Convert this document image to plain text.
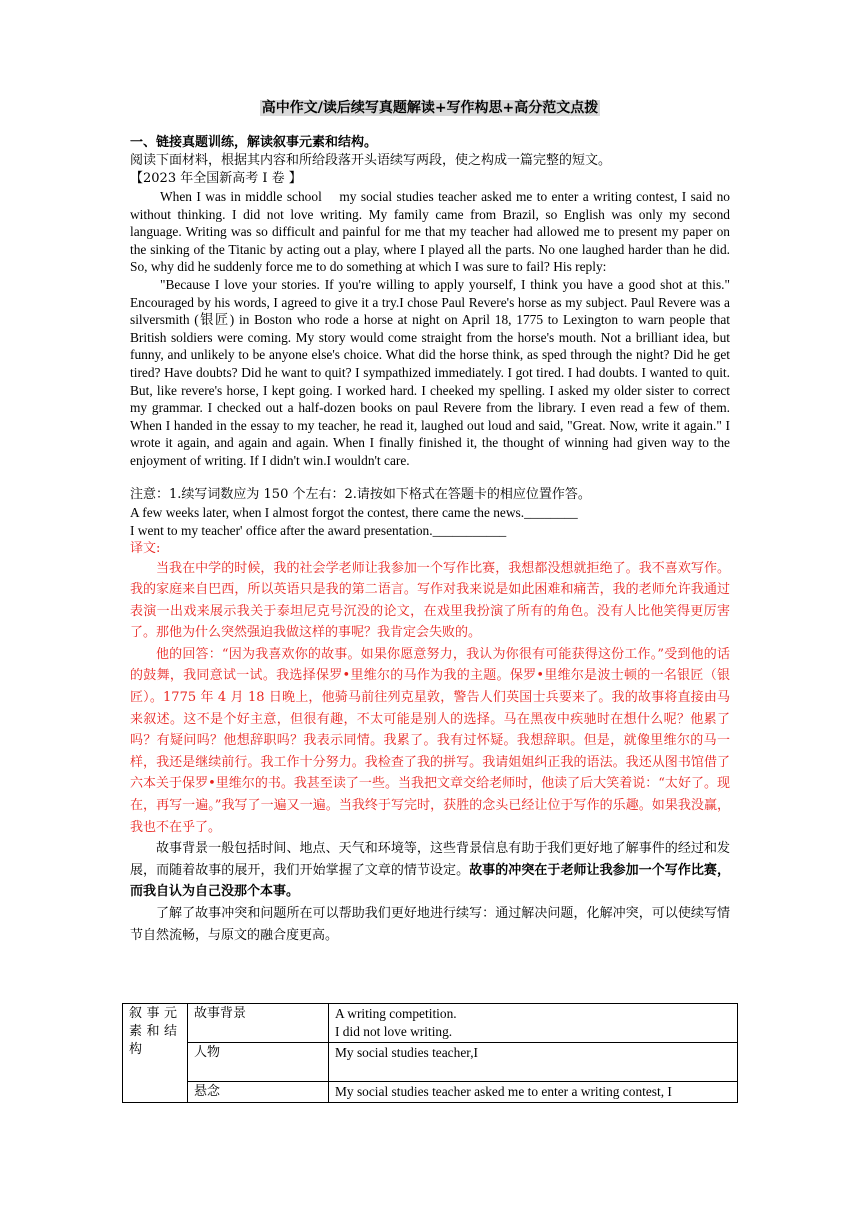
高中作文/读后续写真题解读+写作构思+高分范文点拨
一、链接真题训练，解读叙事元素和结构。
阅读下面材料，根据其内容和所给段落开头语续写两段，使之构成一篇完整的短文。
【2023 年全国新高考 I 卷 】
When I was in middle school    my social studies teacher asked me to enter a writing contest, I said no without thinking. I did not love writing. My family came from Brazil, so English was only my second language. Writing was so difficult and painful for me that my teacher had allowed me to present my paper on the sinking of the Titanic by acting out a play, where I played all the parts. No one laughed harder than he did. So, why did he suddenly force me to do something at which I was sure to fail? His reply:
"Because I love your stories. If you're willing to apply yourself, I think you have a good shot at this." Encouraged by his words, I agreed to give it a try.I chose Paul Revere's horse as my subject. Paul Revere was a silversmith (银匠) in Boston who rode a horse at night on April 18, 1775 to Lexington to warn people that British soldiers were coming. My story would come straight from the horse's mouth. Not a brilliant idea, but funny, and unlikely to be anyone else's choice. What did the horse think, as sped through the night? Did he get tired? Have doubts? Did he want to quit? I sympathized immediately. I got tired. I had doubts. I wanted to quit. But, like revere's horse, I kept going. I worked hard. I cheeked my spelling. I asked my older sister to correct my grammar. I checked out a half-dozen books on paul Revere from the library. I even read a few of them. When I handed in the essay to my teacher, he read it, laughed out loud and said, "Great. Now, write it again." I wrote it again, and again and again. When I finally finished it, the thought of winning had given way to the enjoyment of writing. If I didn't win.I wouldn't care.
注意：1.续写词数应为 150 个左右：2.请按如下格式在答题卡的相应位置作答。
A few weeks later, when I almost forgot the contest, there came the news.________
I went to my teacher' office after the award presentation.___________
译文:
当我在中学的时候，我的社会学老师让我参加一个写作比赛，我想都没想就拒绝了。我不喜欢写作。我的家庭来自巴西，所以英语只是我的第二语言。写作对我来说是如此困难和痛苦，我的老师允许我通过表演一出戏来展示我关于泰坦尼克号沉没的论文，在戏里我扮演了所有的角色。没有人比他笑得更厉害了。那他为什么突然强迫我做这样的事呢？我肯定会失败的。
他的回答：“因为我喜欢你的故事。如果你愿意努力，我认为你很有可能获得这份工作。”受到他的话的鼓舞，我同意试一试。我选择保罗•里维尔的马作为我的主题。保罗•里维尔是波士顿的一名银匠（银匠）。1775 年 4 月 18 日晚上，他骑马前往列克星敦，警告人们英国士兵要来了。我的故事将直接由马来叙述。这不是个好主意，但很有趣，不太可能是别人的选择。马在黑夜中疾驰时在想什么呢？他累了吗？有疑问吗？他想辞职吗？我表示同情。我累了。我有过怀疑。我想辞职。但是，就像里维尔的马一样，我还是继续前行。我工作十分努力。我检查了我的拼写。我请姐姐纠正我的语法。我还从图书馆借了六本关于保罗•里维尔的书。我甚至读了一些。当我把文章交给老师时，他读了后大笑着说：“太好了。现在，再写一遍。”我写了一遍又一遍。当我终于写完时，获胜的念头已经让位于写作的乐趣。如果我没赢，我也不在乎了。
故事背景一般包括时间、地点、天气和环境等，这些背景信息有助于我们更好地了解事件的经过和发展，而随着故事的展开，我们开始掌握了文章的情节设定。故事的冲突在于老师让我参加一个写作比赛，而我自认为自己没那个本事。
了解了故事冲突和问题所在可以帮助我们更好地进行续写：通过解决问题，化解冲突，可以使续写情节自然流畅，与原文的融合度更高。
叙事元素和结构	故事背景	A writing competition.
I did not love writing.

	人物	My social studies teacher,I

	悬念	My social studies teacher asked me to enter a writing contest, I
